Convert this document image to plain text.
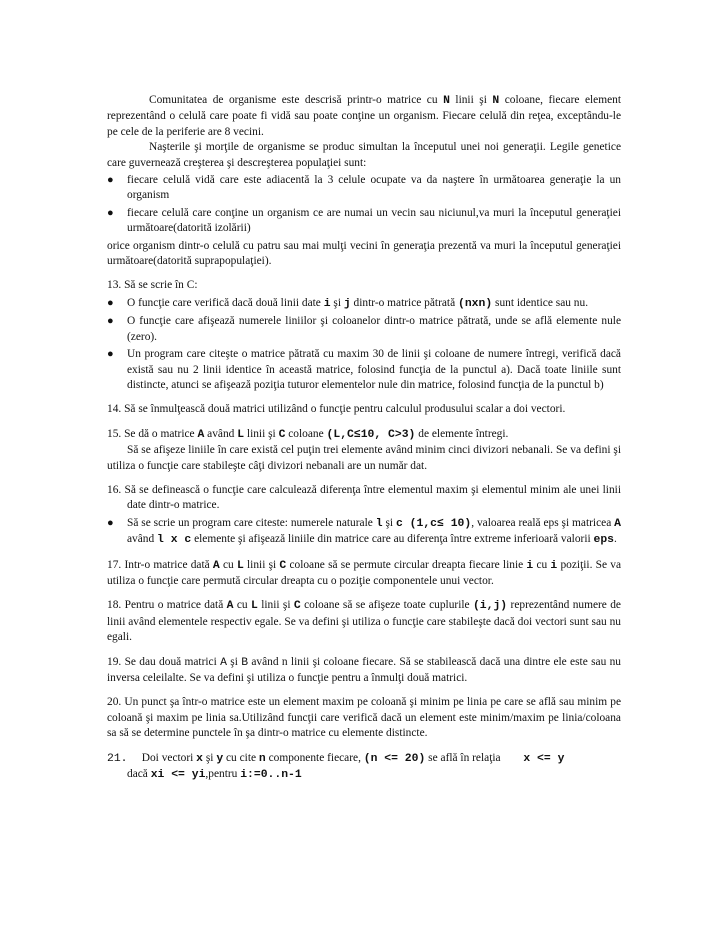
Comunitatea de organisme este descrisă printr-o matrice cu N linii şi N coloane, fiecare element reprezentând o celulă care poate fi vidă sau poate conţine un organism. Fiecare celulă din reţea, exceptându-le pe cele de la periferie are 8 vecini.

Naşterile şi morţile de organisme se produc simultan la începutul unei noi generaţii. Legile genetice care guvernează creşterea şi descreşterea populaţiei sunt:

● fiecare celulă vidă care este adiacentă la 3 celule ocupate va da naştere în următoarea generaţie la un organism
● fiecare celulă care conţine un organism ce are numai un vecin sau niciunul,va muri la începutul generaţiei următoare(datorită izolării)

orice organism dintr-o celulă cu patru sau mai mulţi vecini în generaţia prezentă va muri la începutul generaţiei următoare(datorită suprapopulaţiei).

13. Să se scrie în C:

● O funcţie care verifică dacă două linii date i şi j dintr-o matrice pătrată (nxn) sunt identice sau nu.
● O funcţie care afişează numerele liniilor şi coloanelor dintr-o matrice pătrată, unde se află elemente nule (zero).
● Un program care citeşte o matrice pătrată cu maxim 30 de linii şi coloane de numere întregi, verifică dacă există sau nu 2 linii identice în această matrice, folosind funcţia de la punctul a). Dacă toate liniile sunt distincte, atunci se afişează poziţia tuturor elementelor nule din matrice, folosind funcţia de la punctul b)

14. Să se înmulţească două matrici utilizând o funcţie pentru calculul produsului scalar a doi vectori.

15. Se dă o matrice A având L linii şi C coloane (L,C≤10, C>3) de elemente întregi.

Să se afişeze liniile în care există cel puţin trei elemente având minim cinci divizori nebanali. Se va defini şi utiliza o funcţie care stabileşte câţi divizori nebanali are un număr dat.

16. Să se definească o funcţie care calculează diferenţa între elementul maxim şi elementul minim ale unei linii date dintr-o matrice.

● Să se scrie un program care citeste: numerele naturale l şi c (1,c≤ 10), valoarea reală eps şi matricea A având l x c elemente şi afişează liniile din matrice care au diferenţa între extreme inferioară valorii eps.

17. Intr-o matrice dată A cu L linii şi C coloane să se permute circular dreapta fiecare linie i cu i poziţii. Se va utiliza o funcţie care permută circular dreapta cu o poziţie componentele unui vector.

18. Pentru o matrice dată A cu L linii şi C coloane să se afişeze toate cuplurile (i,j) reprezentând numere de linii având elementele respectiv egale. Se va defini şi utiliza o funcţie care stabileşte dacă doi vectori sunt sau nu egali.

19. Se dau două matrici A şi B având n linii şi coloane fiecare. Să se stabilească dacă una dintre ele este sau nu inversa celeilalte. Se va defini şi utiliza o funcţie pentru a înmulţi două matrici.

20. Un punct şa într-o matrice este un element maxim pe coloană şi minim pe linia pe care se află sau minim pe coloană şi maxim pe linia sa.Utilizând funcţii care verifică dacă un element este minim/maxim pe linia/coloana sa să se determine punctele în şa dintr-o matrice cu elemente distincte.

21. Doi vectori x şi y cu cite n componente fiecare, (n <= 20) se află în relaţia        x <= y
dacă xi <= yi,pentru i:=0..n-1
